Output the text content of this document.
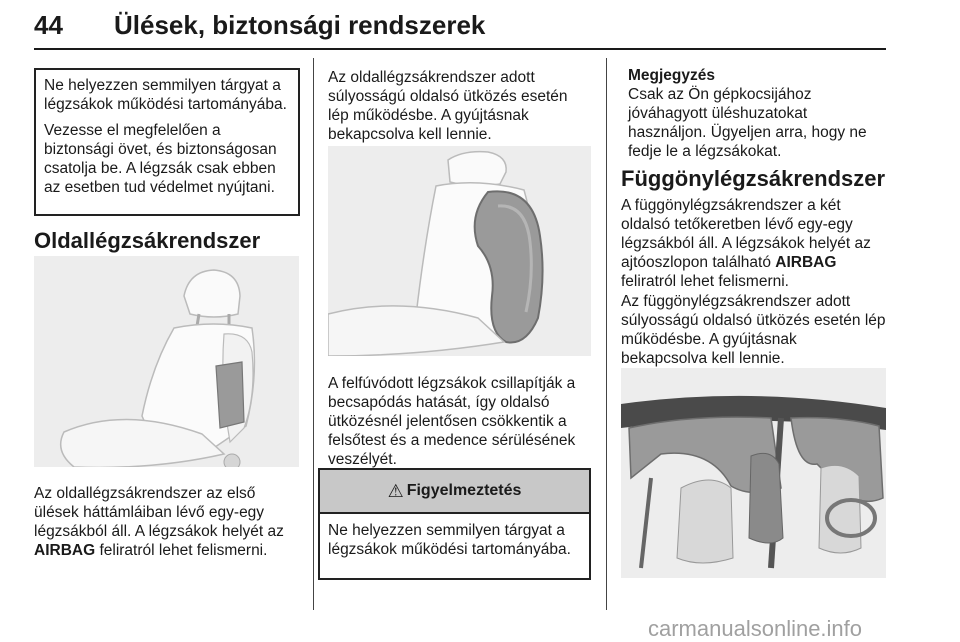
44 Ülések, biztonsági rendszerek

Ne helyezzen semmilyen tárgyat a légzsákok működési tartományába.

Vezesse el megfelelően a biztonsági övet, és biztonságosan csatolja be. A légzsák csak ebben az esetben tud védelmet nyújtani.

Oldallégzsákrendszer

Az oldallégzsákrendszer az első ülések háttámláiban lévő egy-egy légzsákból áll. A légzsákok helyét az AIRBAG feliratról lehet felismerni.

Az oldallégzsákrendszer adott súlyosságú oldalsó ütközés esetén lép működésbe. A gyújtásnak bekapcsolva kell lennie.

A felfúvódott légzsákok csillapítják a becsapódás hatását, így oldalsó ütközésnél jelentősen csökkentik a felsőtest és a medence sérülésének veszélyét.

⚠ Figyelmeztetés
Ne helyezzen semmilyen tárgyat a légzsákok működési tartományába.
Megjegyzés
Csak az Ön gépkocsijához jóváhagyott üléshuzatokat használjon. Ügyeljen arra, hogy ne fedje le a légzsákokat.
Függönylégzsákrendszer

A függönylégzsákrendszer a két oldalsó tetőkeretben lévő egy-egy légzsákból áll. A légzsákok helyét az ajtóoszlopon található AIRBAG feliratról lehet felismerni.

Az függönylégzsákrendszer adott súlyosságú oldalsó ütközés esetén lép működésbe. A gyújtásnak bekapcsolva kell lennie.

carmanualsonline.info
